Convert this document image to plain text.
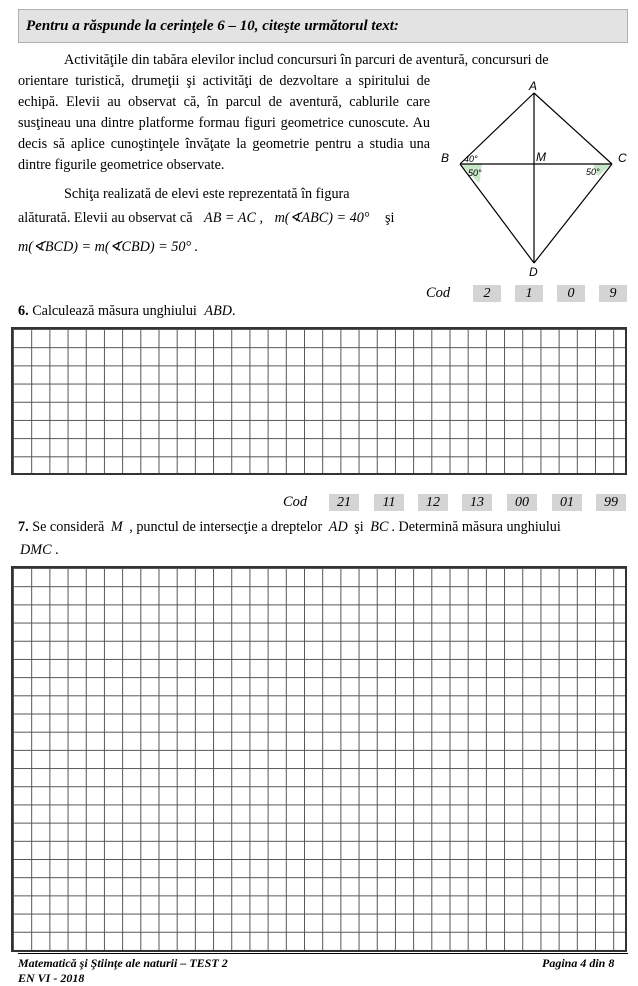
Pentru a răspunde la cerinţele 6 – 10, citeşte următorul text:
Activităţile din tabăra elevilor includ concursuri în parcuri de aventură, concursuri de
orientare turistică, drumeţii şi activităţi de dezvoltare a spiritului de echipă. Elevii au observat că, în parcul de aventură, cablurile care susţineau una dintre platforme formau figuri geometrice cunoscute. Au decis să aplice cunoştinţele învăţate la geometrie pentru a studia una dintre figurile geometrice observate.
Schiţa realizată de elevi este reprezentată în figura
alăturată. Elevii au observat că AB = AC , m(∢ABC) = 40° şi
m(∢BCD) = m(∢CBD) = 50° .
A
B	C
D
M
40°
50°	50°
Cod	2	1	0	9
6. Calculează măsura unghiului ABD.
Cod	21	11	12	13	00	01	99
7. Se consideră M , punctul de intersecţie a dreptelor AD şi BC . Determină măsura unghiului
DMC .
Matematică şi Ştiinţe ale naturii – TEST 2
EN VI - 2018
Pagina 4 din 8
